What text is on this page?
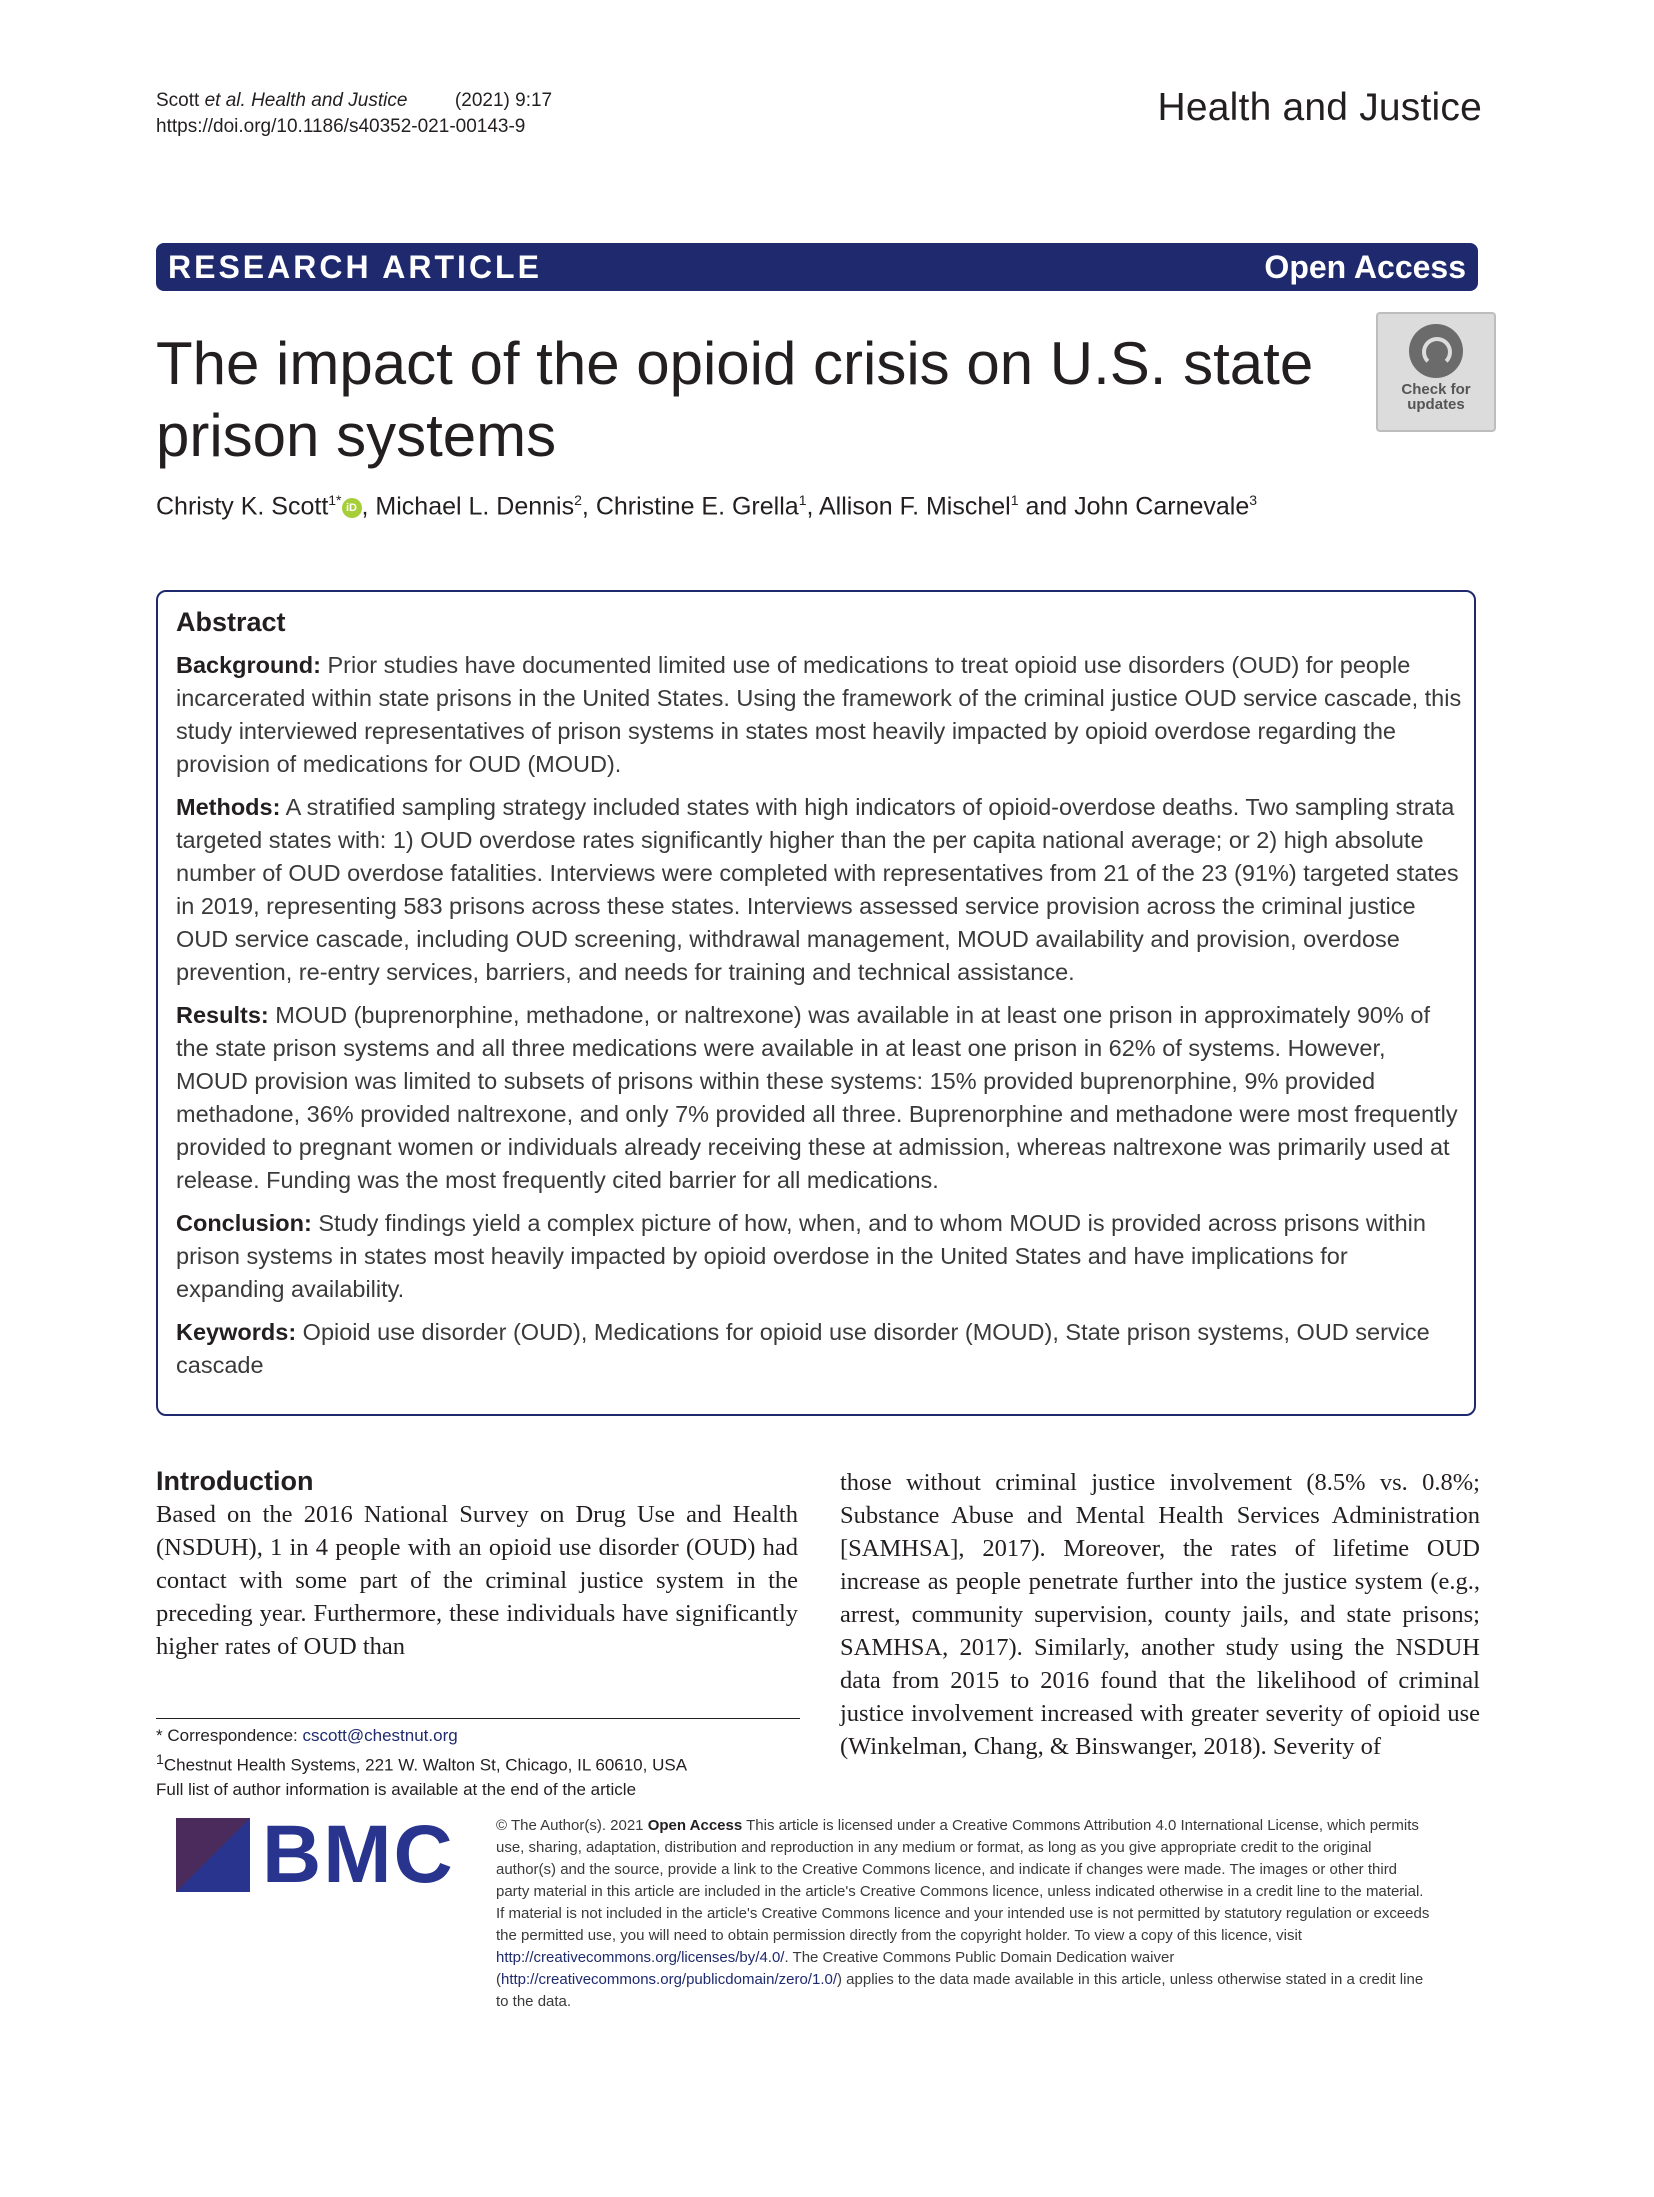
Scott et al. Health and Justice	(2021) 9:17
https://doi.org/10.1186/s40352-021-00143-9	Health and Justice
RESEARCH ARTICLE	Open Access
The impact of the opioid crisis on U.S. state prison systems
Check for
updates
Christy K. Scott$^{1*}$ iD , Michael L. Dennis$^2$, Christine E. Grella$^1$, Allison F. Mischel$^1$ and John Carnevale$^3$
Abstract

Background: Prior studies have documented limited use of medications to treat opioid use disorders (OUD) for people incarcerated within state prisons in the United States. Using the framework of the criminal justice OUD service cascade, this study interviewed representatives of prison systems in states most heavily impacted by opioid overdose regarding the provision of medications for OUD (MOUD).

Methods: A stratified sampling strategy included states with high indicators of opioid-overdose deaths. Two sampling strata targeted states with: 1) OUD overdose rates significantly higher than the per capita national average; or 2) high absolute number of OUD overdose fatalities. Interviews were completed with representatives from 21 of the 23 (91%) targeted states in 2019, representing 583 prisons across these states. Interviews assessed service provision across the criminal justice OUD service cascade, including OUD screening, withdrawal management, MOUD availability and provision, overdose prevention, re-entry services, barriers, and needs for training and technical assistance.

Results: MOUD (buprenorphine, methadone, or naltrexone) was available in at least one prison in approximately 90% of the state prison systems and all three medications were available in at least one prison in 62% of systems. However, MOUD provision was limited to subsets of prisons within these systems: 15% provided buprenorphine, 9% provided methadone, 36% provided naltrexone, and only 7% provided all three. Buprenorphine and methadone were most frequently provided to pregnant women or individuals already receiving these at admission, whereas naltrexone was primarily used at release. Funding was the most frequently cited barrier for all medications.

Conclusion: Study findings yield a complex picture of how, when, and to whom MOUD is provided across prisons within prison systems in states most heavily impacted by opioid overdose in the United States and have implications for expanding availability.

Keywords: Opioid use disorder (OUD), Medications for opioid use disorder (MOUD), State prison systems, OUD service cascade

Introduction
Based on the 2016 National Survey on Drug Use and Health (NSDUH), 1 in 4 people with an opioid use disorder (OUD) had contact with some part of the criminal justice system in the preceding year. Furthermore, these individuals have significantly higher rates of OUD than
those without criminal justice involvement (8.5% vs. 0.8%; Substance Abuse and Mental Health Services Administration [SAMHSA], 2017). Moreover, the rates of lifetime OUD increase as people penetrate further into the justice system (e.g., arrest, community supervision, county jails, and state prisons; SAMHSA, 2017). Similarly, another study using the NSDUH data from 2015 to 2016 found that the likelihood of criminal justice involvement increased with greater severity of opioid use (Winkelman, Chang, & Binswanger, 2018). Severity of
* Correspondence: cscott@chestnut.org
$^1$Chestnut Health Systems, 221 W. Walton St, Chicago, IL 60610, USA
Full list of author information is available at the end of the article
BMC	© The Author(s). 2021 Open Access This article is licensed under a Creative Commons Attribution 4.0 International License, which permits use, sharing, adaptation, distribution and reproduction in any medium or format, as long as you give appropriate credit to the original author(s) and the source, provide a link to the Creative Commons licence, and indicate if changes were made. The images or other third party material in this article are included in the article's Creative Commons licence, unless indicated otherwise in a credit line to the material. If material is not included in the article's Creative Commons licence and your intended use is not permitted by statutory regulation or exceeds the permitted use, you will need to obtain permission directly from the copyright holder. To view a copy of this licence, visit http://creativecommons.org/licenses/by/4.0/. The Creative Commons Public Domain Dedication waiver (http://creativecommons.org/publicdomain/zero/1.0/) applies to the data made available in this article, unless otherwise stated in a credit line to the data.
